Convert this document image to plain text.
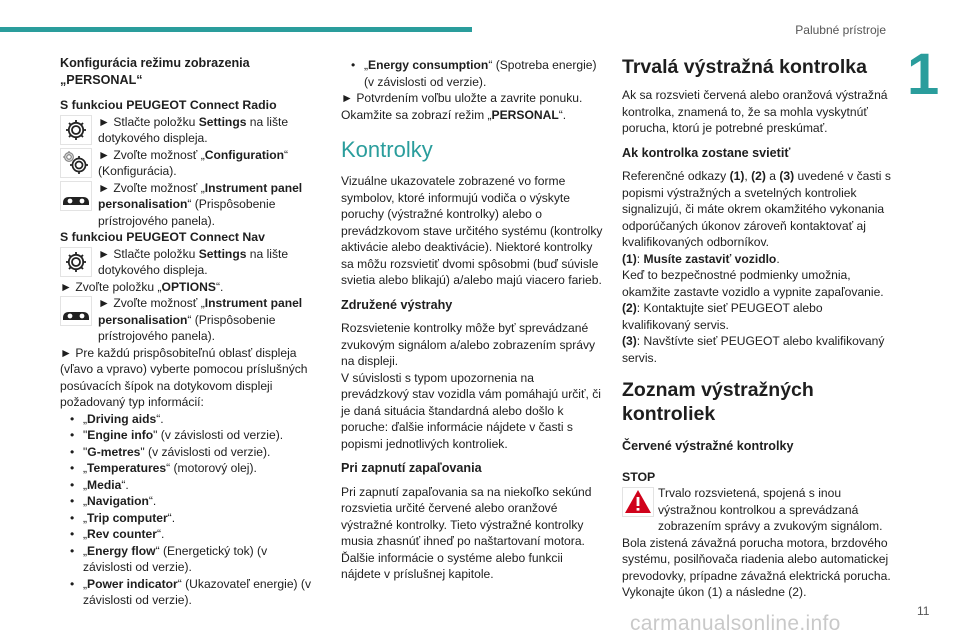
Palubné prístroje
1

Konfigurácia režimu zobrazenia
„PERSONAL“

S funkciou PEUGEOT Connect Radio

► Stlačte položku Settings na lište dotykového displeja.
► Zvoľte možnosť „Configuration“ (Konfigurácia).
► Zvoľte možnosť „Instrument panel personalisation“ (Prispôsobenie prístrojového panela).

S funkciou PEUGEOT Connect Nav

► Stlačte položku Settings na lište dotykového displeja.

► Zvoľte položku „OPTIONS“.

► Zvoľte možnosť „Instrument panel personalisation“ (Prispôsobenie prístrojového panela).

► Pre každú prispôsobiteľnú oblasť displeja (vľavo a vpravo) vyberte pomocou príslušných posúvacích šípok na dotykovom displeji požadovaný typ informácií:

• „Driving aids“.
• "Engine info" (v závislosti od verzie).
• "G-metres" (v závislosti od verzie).
• „Temperatures“ (motorový olej).
• „Media“.
• „Navigation“.
• „Trip computer“.
• „Rev counter“.
• „Energy flow“ (Energetický tok) (v závislosti od verzie).
• „Power indicator“ (Ukazovateľ energie) (v závislosti od verzie).
• „Energy consumption“ (Spotreba energie) (v závislosti od verzie).

► Potvrdením voľbu uložte a zavrite ponuku.

Okamžite sa zobrazí režim „PERSONAL“.

Kontrolky

Vizuálne ukazovatele zobrazené vo forme symbolov, ktoré informujú vodiča o výskyte poruchy (výstražné kontrolky) alebo o prevádzkovom stave určitého systému (kontrolky aktivácie alebo deaktivácie). Niektoré kontrolky sa môžu rozsvietiť dvomi spôsobmi (buď súvisle svietia alebo blikajú) a/alebo majú viacero farieb.

Združené výstrahy

Rozsvietenie kontrolky môže byť sprevádzané zvukovým signálom a/alebo zobrazením správy na displeji.

V súvislosti s typom upozornenia na prevádzkový stav vozidla vám pomáhajú určiť, či je daná situácia štandardná alebo došlo k poruche: ďalšie informácie nájdete v časti s popismi jednotlivých kontroliek.

Pri zapnutí zapaľovania

Pri zapnutí zapaľovania sa na niekoľko sekúnd rozsvietia určité červené alebo oranžové výstražné kontrolky. Tieto výstražné kontrolky musia zhasnúť ihneď po naštartovaní motora.

Ďalšie informácie o systéme alebo funkcii nájdete v príslušnej kapitole.

Trvalá výstražná kontrolka

Ak sa rozsvieti červená alebo oranžová výstražná kontrolka, znamená to, že sa mohla vyskytnúť porucha, ktorú je potrebné preskúmať.

Ak kontrolka zostane svietiť

Referenčné odkazy (1), (2) a (3) uvedené v časti s popismi výstražných a svetelných kontroliek signalizujú, či máte okrem okamžitého vykonania odporúčaných úkonov zároveň kontaktovať aj kvalifikovaných odborníkov.

(1): Musíte zastaviť vozidlo.

Keď to bezpečnostné podmienky umožnia, okamžite zastavte vozidlo a vypnite zapaľovanie.

(2): Kontaktujte sieť PEUGEOT alebo kvalifikovaný servis.

(3): Navštívte sieť PEUGEOT alebo kvalifikovaný servis.

Zoznam výstražných kontroliek

Červené výstražné kontrolky

STOP

Trvalo rozsvietená, spojená s inou výstražnou kontrolkou a sprevádzaná zobrazením správy a zvukovým signálom.

Bola zistená závažná porucha motora, brzdového systému, posilňovača riadenia alebo automatickej prevodovky, prípadne závažná elektrická porucha.

Vykonajte úkon (1) a následne (2).

11
carmanualsonline.info
